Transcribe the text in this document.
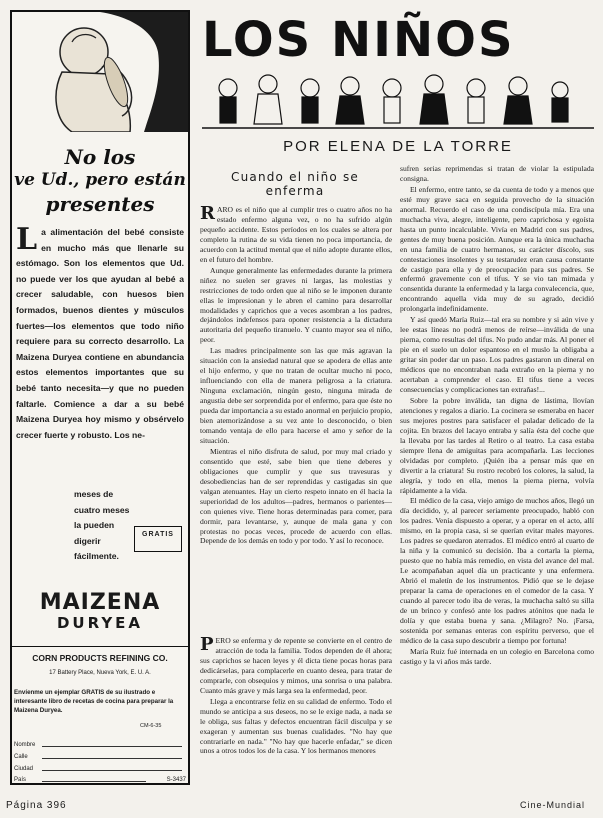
No los
ve Ud., pero están
presentes
La alimentación del bebé consiste en mucho más que llenarle su estómago. Son los elementos que Ud. no puede ver los que ayudan al bebé a crecer saludable, con huesos bien formados, buenos dientes y músculos fuertes—los elementos que todo niño requiere para su correcto desarrollo. La Maizena Duryea contiene en abundancia estos elementos importantes que su bebé tanto necesita—y que no pueden faltarle. Comience a dar a su bebé Maizena Duryea hoy mismo y obsérvelo crecer fuerte y robusto. Los ne-
meses de cuatro meses la pueden digerir fácilmente.
GRATIS
MAIZENA
DURYEA
CORN PRODUCTS REFINING CO.
17 Battery Place, Nueva York, E. U. A.
Envíenme un ejemplar GRATIS de su ilustrado e interesante libro de recetas de cocina para preparar la Maizena Duryea.
CM-6-35
Nombre
Calle
Ciudad
País	S-3437
LOS NIÑOS
POR ELENA DE LA TORRE
Cuando el niño se enferma

RARO es el niño que al cumplir tres o cuatro años no ha estado enfermo alguna vez, o no ha sufrido algún pequeño accidente. Estos períodos en los cuales se altera por completo la rutina de su vida tienen no poca importancia, de acuerdo con la actitud mental que el niño adopte durante ellos, en el futuro del hombre.

Aunque generalmente las enfermedades durante la primera niñez no suelen ser graves ni largas, las molestias y restricciones de todo orden que al niño se le imponen durante ellas le impresionan y le abren el camino para desarrollar modalidades y caprichos que a veces asombran a los padres, dejándolos indefensos para oponer resistencia a la dictadura autoritaria del pequeño tiranuelo. Y cuanto mayor sea el niño, peor.

Las madres principalmente son las que más agravan la situación con la ansiedad natural que se apodera de ellas ante el hijo enfermo, y que no tratan de ocultar mucho ni poco, influenciando con ella de manera peligrosa a la criatura. Ninguna exclamación, ningún gesto, ninguna mirada de angustia debe ser sorprendida por el enfermo, para que éste no pueda dar importancia a su estado anormal en perjuicio propio, bien atemorizándose a su vez ante lo desconocido, o bien tomando ventaja de ello para hacerse el amo y señor de la situación.

Mientras el niño disfruta de salud, por muy mal criado y consentido que esté, sabe bien que tiene deberes y obligaciones que cumplir y que sus travesuras y desobediencias han de ser reprendidas y castigadas sin que valgan atenuantes. Hay un cierto respeto innato en él hacia la superioridad de los adultos—padres, hermanos o parientes—con quienes vive. Tiene horas determinadas para comer, para dormir, para levantarse, y, aunque de mala gana y con protestas no pocas veces, procede de acuerdo con ellas. Depende de los demás en todo y por todo. Y así lo reconoce.

PERO se enferma y de repente se convierte en el centro de atracción de toda la familia. Todos dependen de él ahora; sus caprichos se hacen leyes y él dicta tiene pocas horas para dedicárselas, para complacerle en cuanto desea, para tratar de comprarle, con obsequios y mimos, una sonrisa o una palabra. Cuanto más grave y más larga sea la enfermedad, peor.

Llega a encontrarse feliz en su calidad de enfermo. Todo el mundo se anticipa a sus deseos, no se le exige nada, a nada se le obliga, sus faltas y defectos encuentran fácil disculpa y se exageran y aumentan sus buenas cualidades. "No hay que contrariarle en nada." "No hay que hacerle enfadar," se dicen unos a otros todos los de la casa. Y los hermanos menores

sufren serias reprimendas si tratan de violar la estipulada consigna.

El enfermo, entre tanto, se da cuenta de todo y a menos que esté muy grave saca en seguida provecho de la situación anormal. Recuerdo el caso de una condiscípula mía. Era una muchacha viva, alegre, inteligente, pero caprichosa y egoísta hasta un punto incalculable. Vivía en Madrid con sus padres, gentes de muy buena posición. Aunque era la única muchacha en una familia de cuatro hermanos, su carácter díscolo, sus contestaciones insolentes y su testarudez eran causa constante de castigo para ella y de preocupación para sus padres. Se enfermó gravemente con el tifus. Y se vio tan mimada y consentida durante la enfermedad y la larga convalecencia, que, encontrando aquella vida muy de su agrado, decidió prolongarla indefinidamente.

Y así quedó María Ruiz—tal era su nombre y si aún vive y lee estas líneas no podrá menos de reírse—inválida de una pierna, como resultas del tifus. No pudo andar más. Al poner el pie en el suelo un dolor espantoso en el muslo la obligaba a gritar sin poder dar un paso. Los padres gastaron un dineral en médicos que no encontraban nada extraño en la pierna y no acertaban a comprender el caso. El tifus tiene a veces consecuencias y complicaciones tan extrañas!...

Sobre la pobre inválida, tan digna de lástima, llovían atenciones y regalos a diario. La cocinera se esmeraba en hacer sus mejores postres para satisfacer el paladar delicado de la cojita. En brazos del lacayo entraba y salía ésta del coche que la llevaba por las tardes al Retiro o al teatro. La casa estaba siempre llena de amiguitas para acompañarla. Las lecciones olvidadas por completo. ¡Quién iba a pensar más que en divertir a la criatura! Su rostro recobró los colores, la salud, la alegría, y todo en ella, menos la pierna pierna, volvía rápidamente a la vida.

El médico de la casa, viejo amigo de muchos años, llegó un día decidido, y, al parecer seriamente preocupado, habló con los padres. Venía dispuesto a operar, y a operar en el acto, allí mismo, en la propia casa, si se querían evitar males mayores. Los padres se quedaron aterrados. El médico entró al cuarto de la niña y la comunicó su decisión. Iba a cortarla la pierna, puesto que no había más remedio, en vista del avance del mal. Le acompañaban aquel día un practicante y una enfermera. Abrió el maletín de los instrumentos. Pidió que se le dejase preparar la cama de operaciones en el comedor de la casa. Y cuando al parecer todo iba de veras, la muchacha saltó su silla de un brinco y confesó ante los padres atónitos que nada le dolía y que estaba buena y sana. ¿Milagro? No. ¡Farsa, sostenida por semanas enteras con espíritu perverso, que el médico de la casa supo descubrir a tiempo por fortuna!

María Ruiz fué internada en un colegio en Barcelona como castigo y la vi años más tarde.

Página 396	Cine-Mundial
